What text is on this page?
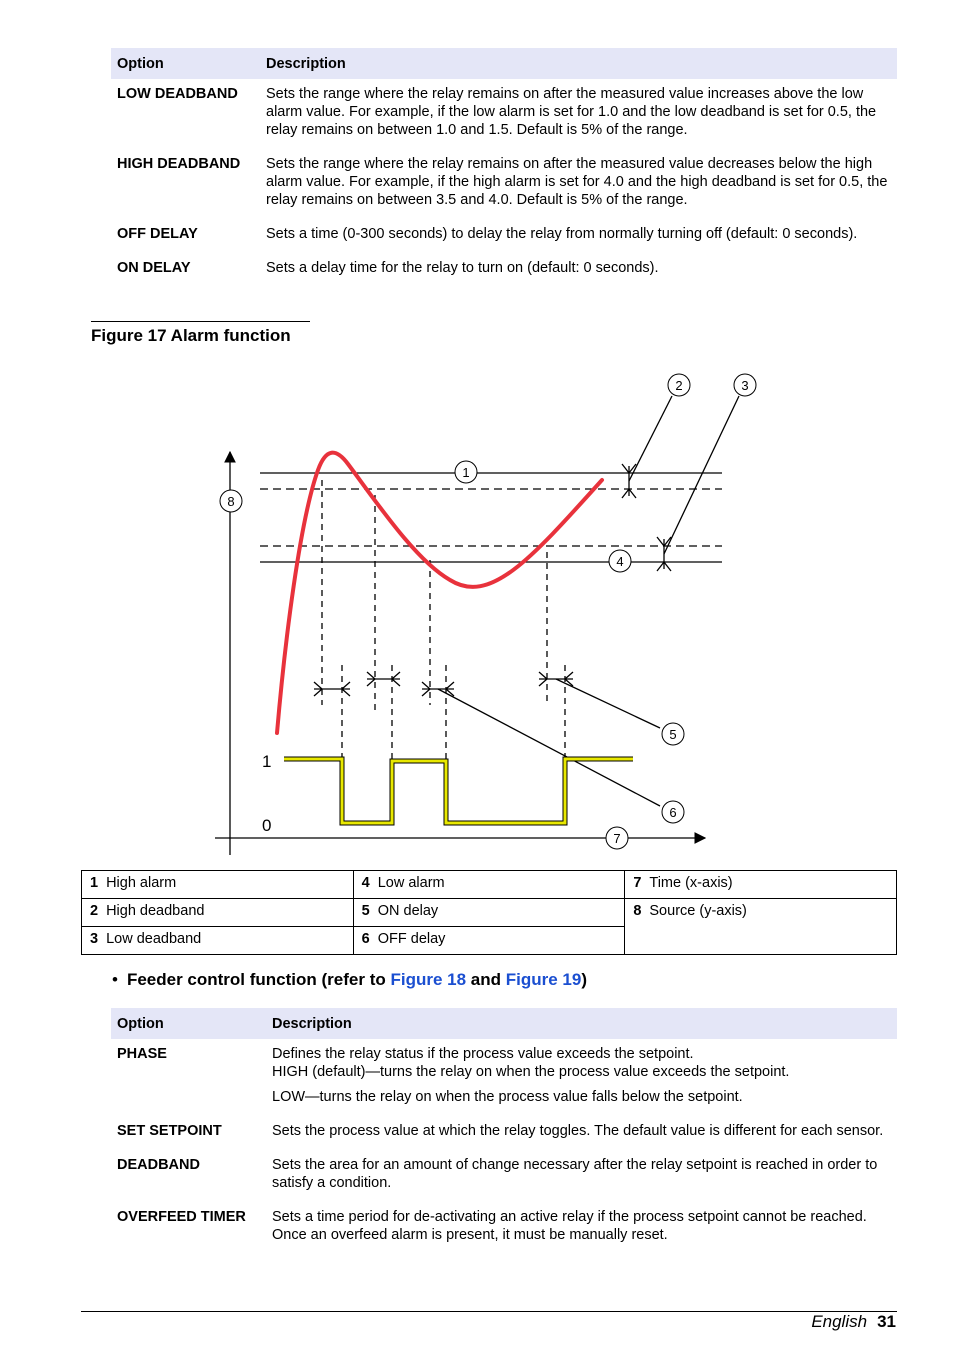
Option	Description
LOW DEADBAND	Sets the range where the relay remains on after the measured value increases above the low alarm value. For example, if the low alarm is set for 1.0 and the low deadband is set for 0.5, the relay remains on between 1.0 and 1.5. Default is 5% of the range.
HIGH DEADBAND	Sets the range where the relay remains on after the measured value decreases below the high alarm value. For example, if the high alarm is set for 4.0 and the high deadband is set for 0.5, the relay remains on between 3.5 and 4.0. Default is 5% of the range.
OFF DELAY	Sets a time (0-300 seconds) to delay the relay from normally turning off (default: 0 seconds).
ON DELAY	Sets a delay time for the relay to turn on (default: 0 seconds).
Figure 17 Alarm function
1
0
1
2	3
4
5
6
7
8
1 High alarm	4 Low alarm	7 Time (x-axis)
2 High deadband	5 ON delay	8 Source (y-axis)
3 Low deadband	6 OFF delay	
• Feeder control function (refer to Figure 18 and Figure 19)
Option	Description
PHASE	Defines the relay status if the process value exceeds the setpoint.
HIGH (default)—turns the relay on when the process value exceeds the setpoint.
LOW—turns the relay on when the process value falls below the setpoint.

SET SETPOINT	Sets the process value at which the relay toggles. The default value is different for each sensor.
DEADBAND	Sets the area for an amount of change necessary after the relay setpoint is reached in order to satisfy a condition.
OVERFEED TIMER	Sets a time period for de-activating an active relay if the process setpoint cannot be reached. Once an overfeed alarm is present, it must be manually reset.
English 31
